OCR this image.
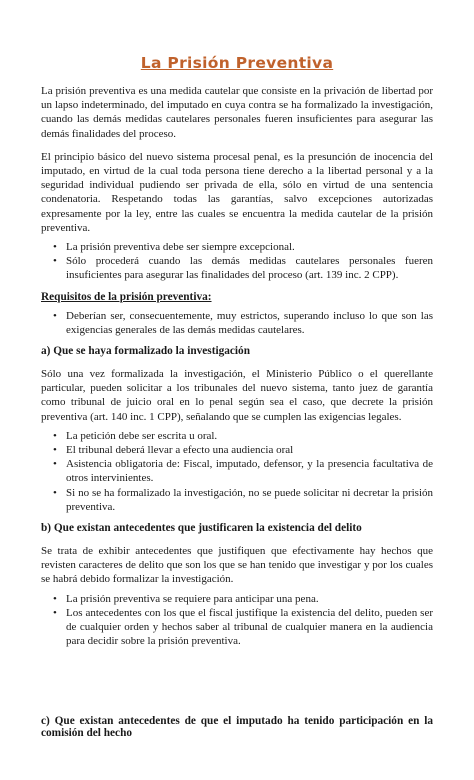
La Prisión Preventiva

La prisión preventiva es una medida cautelar que consiste en la privación de libertad por un lapso indeterminado, del imputado en cuya contra se ha formalizado la investigación, cuando las demás medidas cautelares personales fueren insuficientes para asegurar las demás finalidades del proceso.

El principio básico del nuevo sistema procesal penal, es la presunción de inocencia del imputado, en virtud de la cual toda persona tiene derecho a la libertad personal y a la seguridad individual pudiendo ser privada de ella, sólo en virtud de una sentencia condenatoria. Respetando todas las garantías, salvo excepciones autorizadas expresamente por la ley, entre las cuales se encuentra la medida cautelar de la prisión preventiva.

• La prisión preventiva debe ser siempre excepcional.
• Sólo procederá cuando las demás medidas cautelares personales fueren insuficientes para asegurar las finalidades del proceso (art. 139 inc. 2 CPP).
Requisitos de la prisión preventiva:
• Deberían ser, consecuentemente, muy estrictos, superando incluso lo que son las exigencias generales de las demás medidas cautelares.
a) Que se haya formalizado la investigación

Sólo una vez formalizada la investigación, el Ministerio Público o el querellante particular, pueden solicitar a los tribunales del nuevo sistema, tanto juez de garantía como tribunal de juicio oral en lo penal según sea el caso, que decrete la prisión preventiva (art. 140 inc. 1 CPP), señalando que se cumplen las exigencias legales.

• La petición debe ser escrita u oral.
• El tribunal deberá llevar a efecto una audiencia oral
• Asistencia obligatoria de: Fiscal, imputado, defensor, y la presencia facultativa de otros intervinientes.
• Si no se ha formalizado la investigación, no se puede solicitar ni decretar la prisión preventiva.
b) Que existan antecedentes que justificaren la existencia del delito

Se trata de exhibir antecedentes que justifiquen que efectivamente hay hechos que revisten caracteres de delito que son los que se han tenido que investigar y por los cuales se habrá debido formalizar la investigación.

• La prisión preventiva se requiere para anticipar una pena.
• Los antecedentes con los que el fiscal justifique la existencia del delito, pueden ser de cualquier orden y hechos saber al tribunal de cualquier manera en la audiencia para decidir sobre la prisión preventiva.
c) Que existan antecedentes de que el imputado ha tenido participación en la comisión del hecho
